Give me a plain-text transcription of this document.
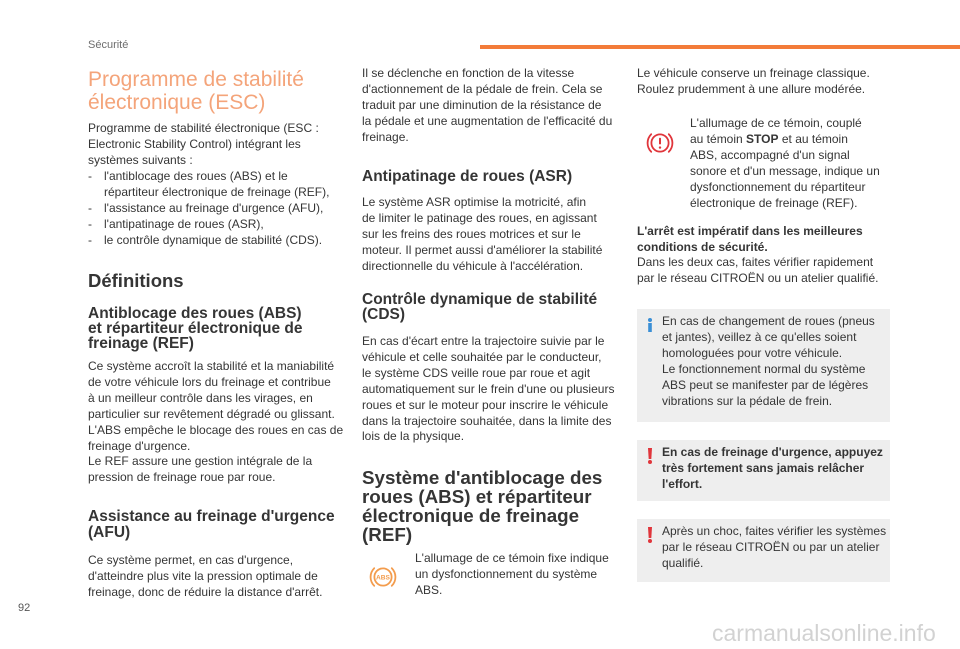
Sécurité
Programme de stabilité
électronique (ESC)

Programme de stabilité électronique (ESC :
Electronic Stability Control) intégrant les
systèmes suivants :

- l'antiblocage des roues (ABS) et le
répartiteur électronique de freinage (REF),
- l'assistance au freinage d'urgence (AFU),
- l'antipatinage de roues (ASR),
- le contrôle dynamique de stabilité (CDS).
Définitions
Antiblocage des roues (ABS)
et répartiteur électronique de
freinage (REF)

Ce système accroît la stabilité et la maniabilité
de votre véhicule lors du freinage et contribue
à un meilleur contrôle dans les virages, en
particulier sur revêtement dégradé ou glissant.
L'ABS empêche le blocage des roues en cas de
freinage d'urgence.
Le REF assure une gestion intégrale de la
pression de freinage roue par roue.

Assistance au freinage d'urgence
(AFU)

Ce système permet, en cas d'urgence,
d'atteindre plus vite la pression optimale de
freinage, donc de réduire la distance d'arrêt.

Il se déclenche en fonction de la vitesse
d'actionnement de la pédale de frein. Cela se
traduit par une diminution de la résistance de
la pédale et une augmentation de l'efficacité du
freinage.

Antipatinage de roues (ASR)

Le système ASR optimise la motricité, afin
de limiter le patinage des roues, en agissant
sur les freins des roues motrices et sur le
moteur. Il permet aussi d'améliorer la stabilité
directionnelle du véhicule à l'accélération.

Contrôle dynamique de stabilité
(CDS)

En cas d'écart entre la trajectoire suivie par le
véhicule et celle souhaitée par le conducteur,
le système CDS veille roue par roue et agit
automatiquement sur le frein d'une ou plusieurs
roues et sur le moteur pour inscrire le véhicule
dans la trajectoire souhaitée, dans la limite des
lois de la physique.

Système d'antiblocage des
roues (ABS) et répartiteur
électronique de freinage
(REF)
ABS

L'allumage de ce témoin fixe indique
un dysfonctionnement du système
ABS.

Le véhicule conserve un freinage classique.
Roulez prudemment à une allure modérée.

L'allumage de ce témoin, couplé
au témoin STOP et au témoin
ABS, accompagné d'un signal
sonore et d'un message, indique un
dysfonctionnement du répartiteur
électronique de freinage (REF).

L'arrêt est impératif dans les meilleures
conditions de sécurité.

Dans les deux cas, faites vérifier rapidement
par le réseau CITROËN ou un atelier qualifié.

En cas de changement de roues (pneus
et jantes), veillez à ce qu'elles soient
homologuées pour votre véhicule.
Le fonctionnement normal du système
ABS peut se manifester par de légères
vibrations sur la pédale de frein.

En cas de freinage d'urgence, appuyez
très fortement sans jamais relâcher
l'effort.

Après un choc, faites vérifier les systèmes
par le réseau CITROËN ou par un atelier
qualifié.

92
carmanualsonline.info
